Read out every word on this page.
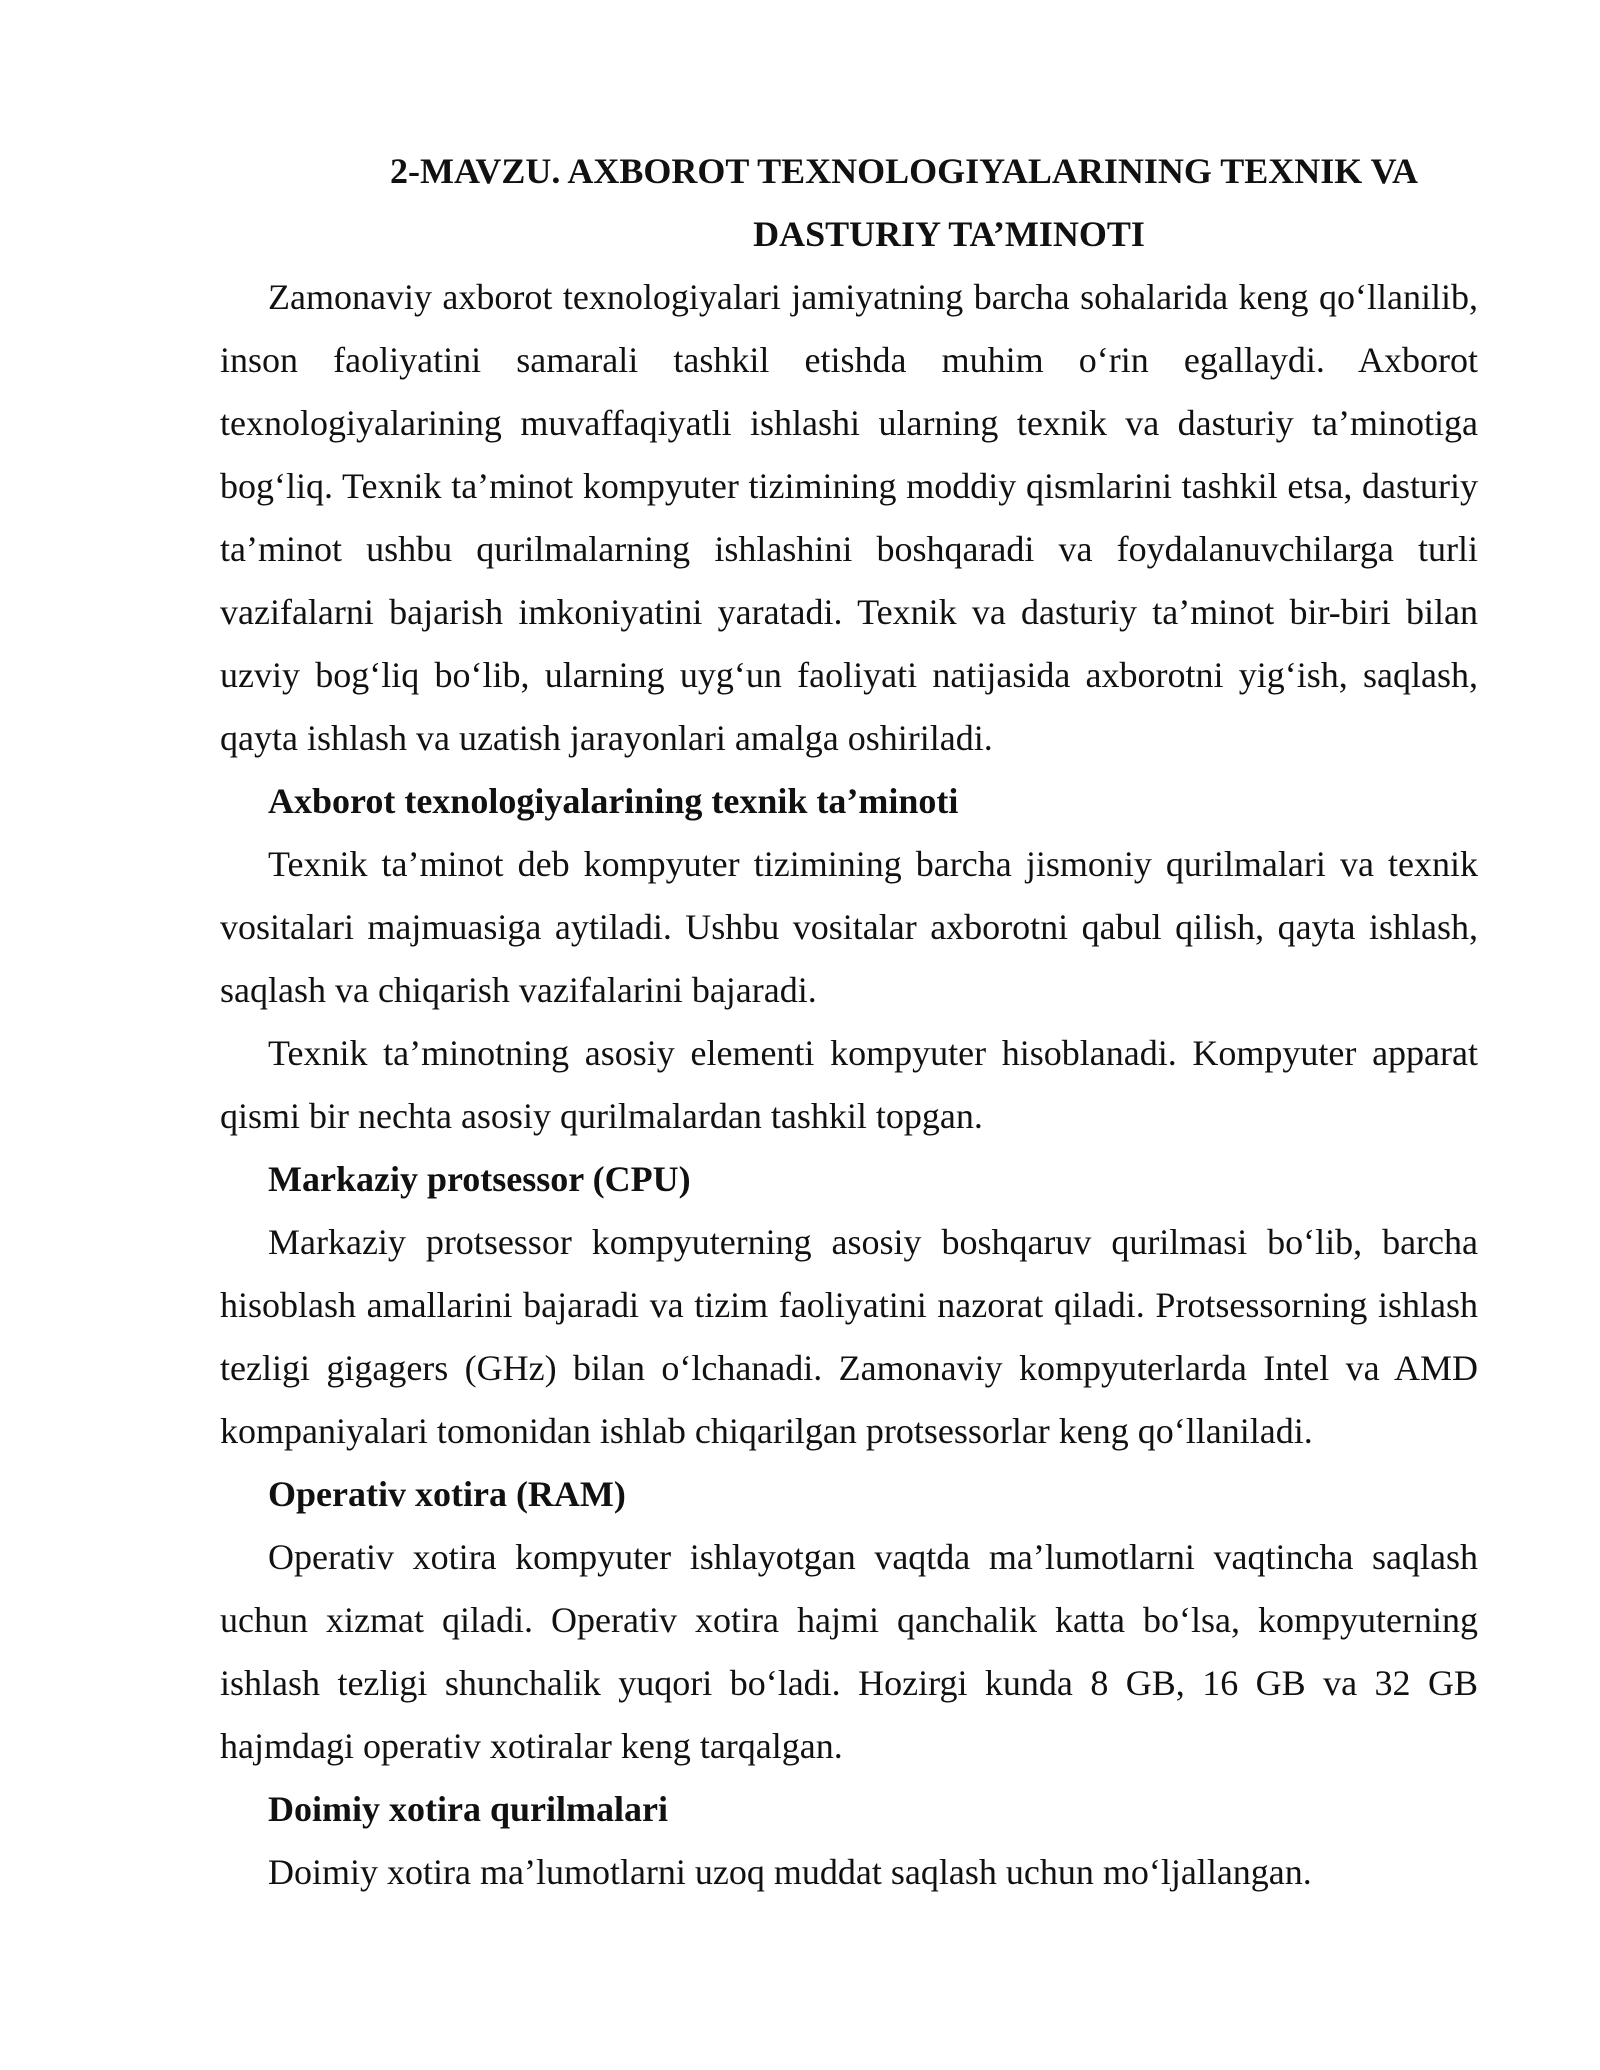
2-MAVZU. AXBOROT TEXNOLOGIYALARINING TEXNIK VA
DASTURIY TA’MINOTI

Zamonaviy axborot texnologiyalari jamiyatning barcha sohalarida keng qo‘llanilib, inson faoliyatini samarali tashkil etishda muhim o‘rin egallaydi. Axborot texnologiyalarining muvaffaqiyatli ishlashi ularning texnik va dasturiy ta’minotiga bog‘liq. Texnik ta’minot kompyuter tizimining moddiy qismlarini tashkil etsa, dasturiy ta’minot ushbu qurilmalarning ishlashini boshqaradi va foydalanuvchilarga turli vazifalarni bajarish imkoniyatini yaratadi. Texnik va dasturiy ta’minot bir-biri bilan uzviy bog‘liq bo‘lib, ularning uyg‘un faoliyati natijasida axborotni yig‘ish, saqlash, qayta ishlash va uzatish jarayonlari amalga oshiriladi.

Axborot texnologiyalarining texnik ta’minoti

Texnik ta’minot deb kompyuter tizimining barcha jismoniy qurilmalari va texnik vositalari majmuasiga aytiladi. Ushbu vositalar axborotni qabul qilish, qayta ishlash, saqlash va chiqarish vazifalarini bajaradi.

Texnik ta’minotning asosiy elementi kompyuter hisoblanadi. Kompyuter apparat qismi bir nechta asosiy qurilmalardan tashkil topgan.

Markaziy protsessor (CPU)

Markaziy protsessor kompyuterning asosiy boshqaruv qurilmasi bo‘lib, barcha hisoblash amallarini bajaradi va tizim faoliyatini nazorat qiladi. Protsessorning ishlash tezligi gigagers (GHz) bilan o‘lchanadi. Zamonaviy kompyuterlarda Intel va AMD kompaniyalari tomonidan ishlab chiqarilgan protsessorlar keng qo‘llaniladi.

Operativ xotira (RAM)

Operativ xotira kompyuter ishlayotgan vaqtda ma’lumotlarni vaqtincha saqlash uchun xizmat qiladi. Operativ xotira hajmi qanchalik katta bo‘lsa, kompyuterning ishlash tezligi shunchalik yuqori bo‘ladi. Hozirgi kunda 8 GB, 16 GB va 32 GB hajmdagi operativ xotiralar keng tarqalgan.

Doimiy xotira qurilmalari

Doimiy xotira ma’lumotlarni uzoq muddat saqlash uchun mo‘ljallangan.
